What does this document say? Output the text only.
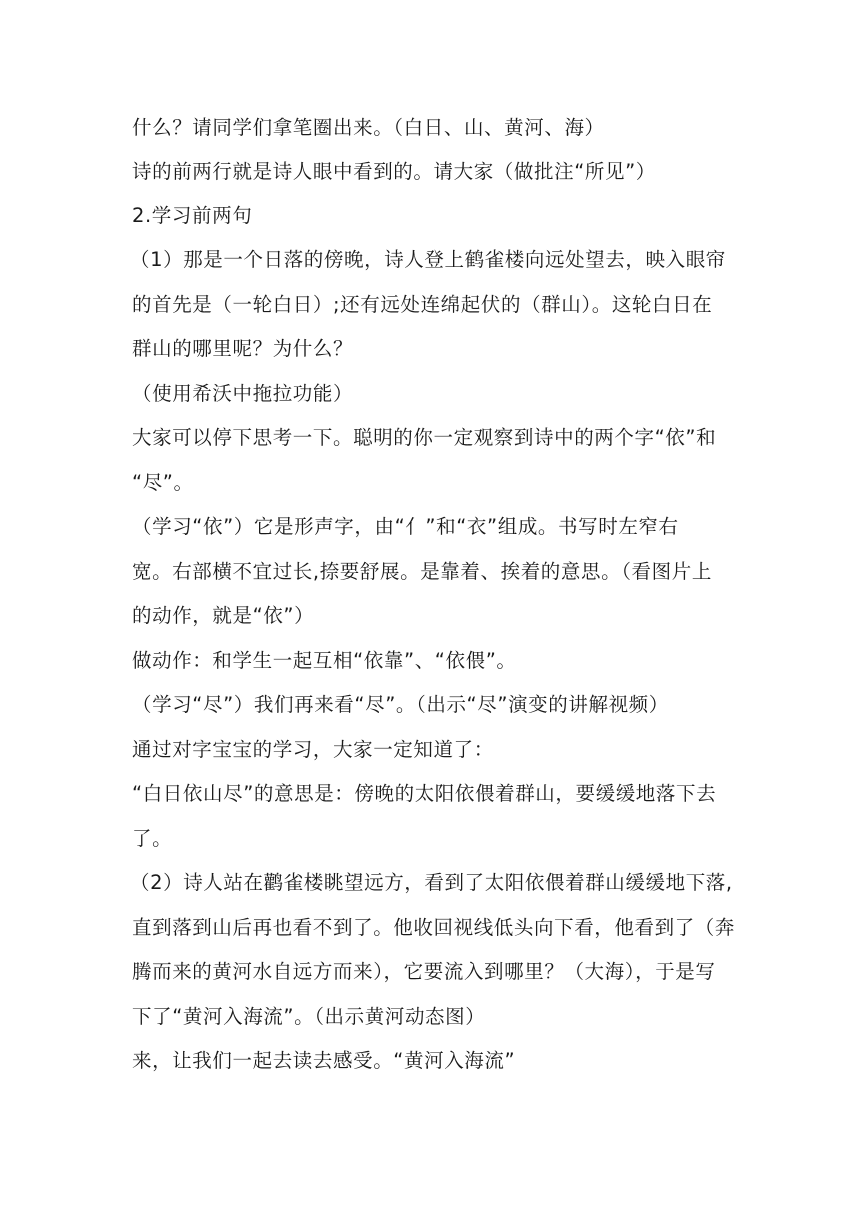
什么？请同学们拿笔圈出来。（白日、山、黄河、海）
诗的前两行就是诗人眼中看到的。请大家（做批注“所见”）
2.学习前两句
（1）那是一个日落的傍晚，诗人登上鹤雀楼向远处望去，映入眼帘
的首先是（一轮白日）;还有远处连绵起伏的（群山）。这轮白日在
群山的哪里呢？为什么？
（使用希沃中拖拉功能）
大家可以停下思考一下。聪明的你一定观察到诗中的两个字“依”和
“尽”。
（学习“依”）它是形声字，由“亻”和“衣”组成。书写时左窄右
宽。右部横不宜过长,捺要舒展。是靠着、挨着的意思。（看图片上
的动作，就是“依”）
做动作：和学生一起互相“依靠”、“依偎”。
（学习“尽”）我们再来看“尽”。（出示“尽”演变的讲解视频）
通过对字宝宝的学习，大家一定知道了：
“白日依山尽”的意思是：傍晚的太阳依偎着群山，要缓缓地落下去
了。
（2）诗人站在鹳雀楼眺望远方，看到了太阳依偎着群山缓缓地下落,
直到落到山后再也看不到了。他收回视线低头向下看，他看到了（奔
腾而来的黄河水自远方而来），它要流入到哪里？（大海），于是写
下了“黄河入海流”。（出示黄河动态图）
来，让我们一起去读去感受。“黄河入海流”
